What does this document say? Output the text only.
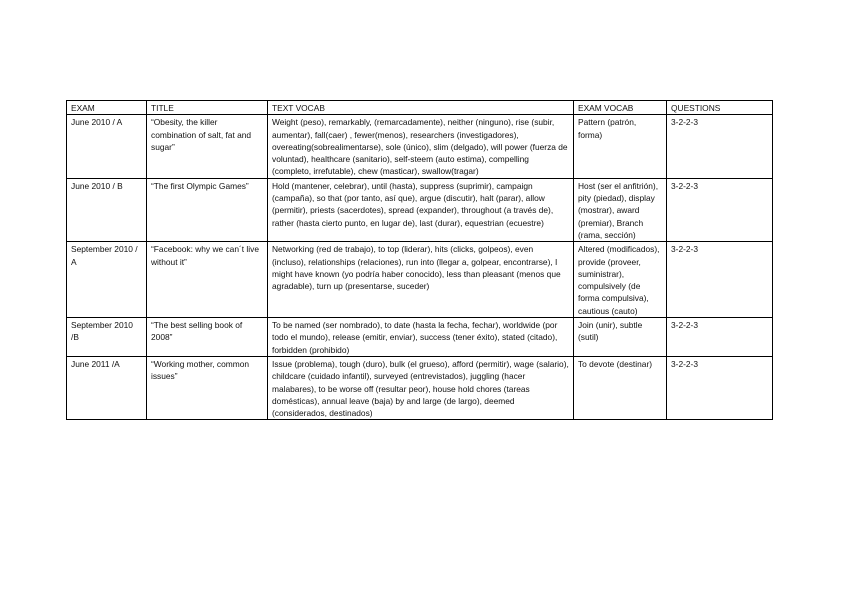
EXAM	TITLE	TEXT VOCAB	EXAM VOCAB	QUESTIONS
June 2010 / A	“Obesity, the killer combination of salt, fat and sugar”	Weight (peso), remarkably, (remarcadamente), neither (ninguno), rise (subir, aumentar), fall(caer) , fewer(menos), researchers (investigadores), overeating(sobrealimentarse), sole (único), slim (delgado), will power (fuerza de voluntad), healthcare (sanitario), self-steem (auto estima), compelling (completo, irrefutable), chew (masticar), swallow(tragar)	Pattern (patrón, forma)	3-2-2-3
June 2010 / B	“The first Olympic Games”	Hold (mantener, celebrar), until (hasta), suppress (suprimir), campaign (campaña), so that (por tanto, así que), argue (discutir), halt (parar), allow (permitir), priests (sacerdotes), spread (expander), throughout (a través de), rather (hasta cierto punto, en lugar de), last (durar), equestrian (ecuestre)	Host (ser el anfitrión), pity (piedad), display (mostrar), award (premiar), Branch (rama, sección)	3-2-2-3
September 2010 / A	“Facebook: why we can´t live without it”	Networking (red de trabajo), to top (liderar), hits (clicks, golpeos), even (incluso), relationships (relaciones), run into (llegar a, golpear, encontrarse), I might have known (yo podría haber conocido), less than pleasant (menos que agradable), turn up (presentarse, suceder)	Altered (modificados), provide (proveer, suministrar), compulsively (de forma compulsiva), cautious (cauto)	3-2-2-3
September 2010 /B	“The best selling book of 2008”	To be named (ser nombrado), to date (hasta la fecha, fechar), worldwide (por todo el mundo), release (emitir, enviar), success (tener éxito), stated (citado), forbidden (prohibido)	Join (unir), subtle (sutil)	3-2-2-3
June 2011 /A	“Working mother, common issues”	Issue (problema), tough (duro), bulk (el grueso), afford (permitir), wage (salario), childcare (cuidado infantil), surveyed (entrevistados), juggling (hacer malabares), to be worse off (resultar peor), house hold chores (tareas domésticas), annual leave (baja) by and large (de largo), deemed (considerados, destinados)	To devote (destinar)	3-2-2-3
